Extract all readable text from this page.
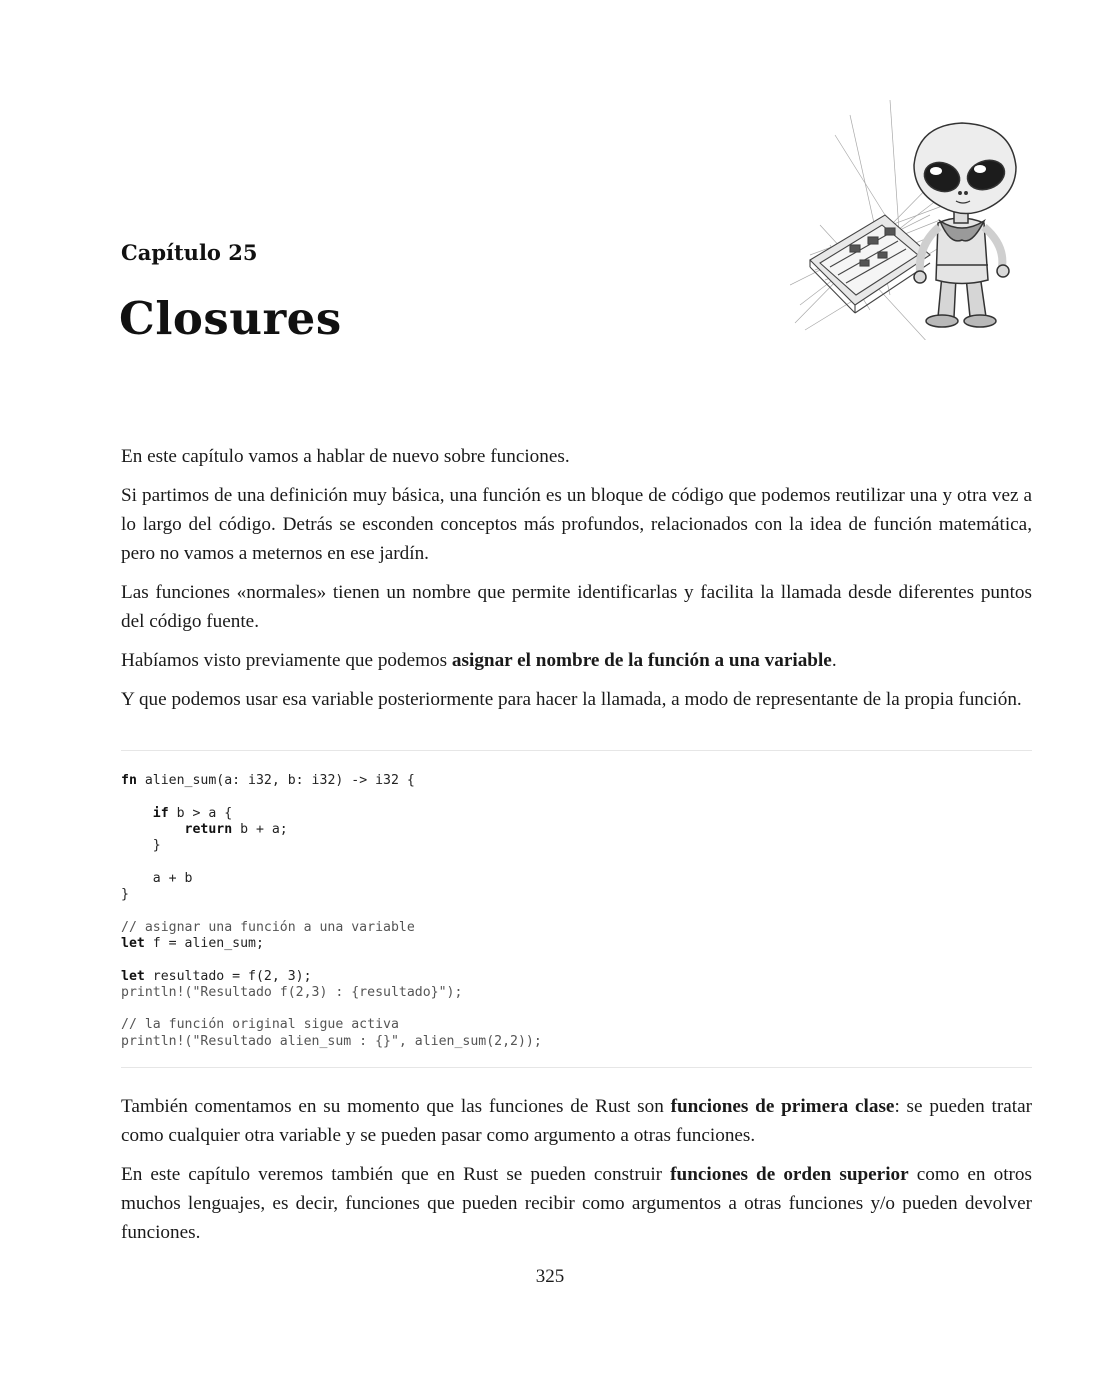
Capítulo 25
Closures

En este capítulo vamos a hablar de nuevo sobre funciones.

Si partimos de una definición muy básica, una función es un bloque de código que podemos reutilizar una y otra vez a lo largo del código. Detrás se esconden conceptos más profundos, relacionados con la idea de función matemática, pero no vamos a meternos en ese jardín.

Las funciones «normales» tienen un nombre que permite identificarlas y facilita la llamada desde diferentes puntos del código fuente.

Habíamos visto previamente que podemos asignar el nombre de la función a una variable.

Y que podemos usar esa variable posteriormente para hacer la llamada, a modo de representante de la propia función.

fn alien_sum(a: i32, b: i32) -> i32 {

if b > a {
return b + a;
}

a + b
}

// asignar una función a una variable
let f = alien_sum;

let resultado = f(2, 3);
println!("Resultado f(2,3) : {resultado}");

// la función original sigue activa
println!("Resultado alien_sum : {}", alien_sum(2,2));

También comentamos en su momento que las funciones de Rust son funciones de primera clase: se pueden tratar como cualquier otra variable y se pueden pasar como argumento a otras funciones.

En este capítulo veremos también que en Rust se pueden construir funciones de orden superior como en otros muchos lenguajes, es decir, funciones que pueden recibir como argumentos a otras funciones y/o pueden devolver funciones.

325
